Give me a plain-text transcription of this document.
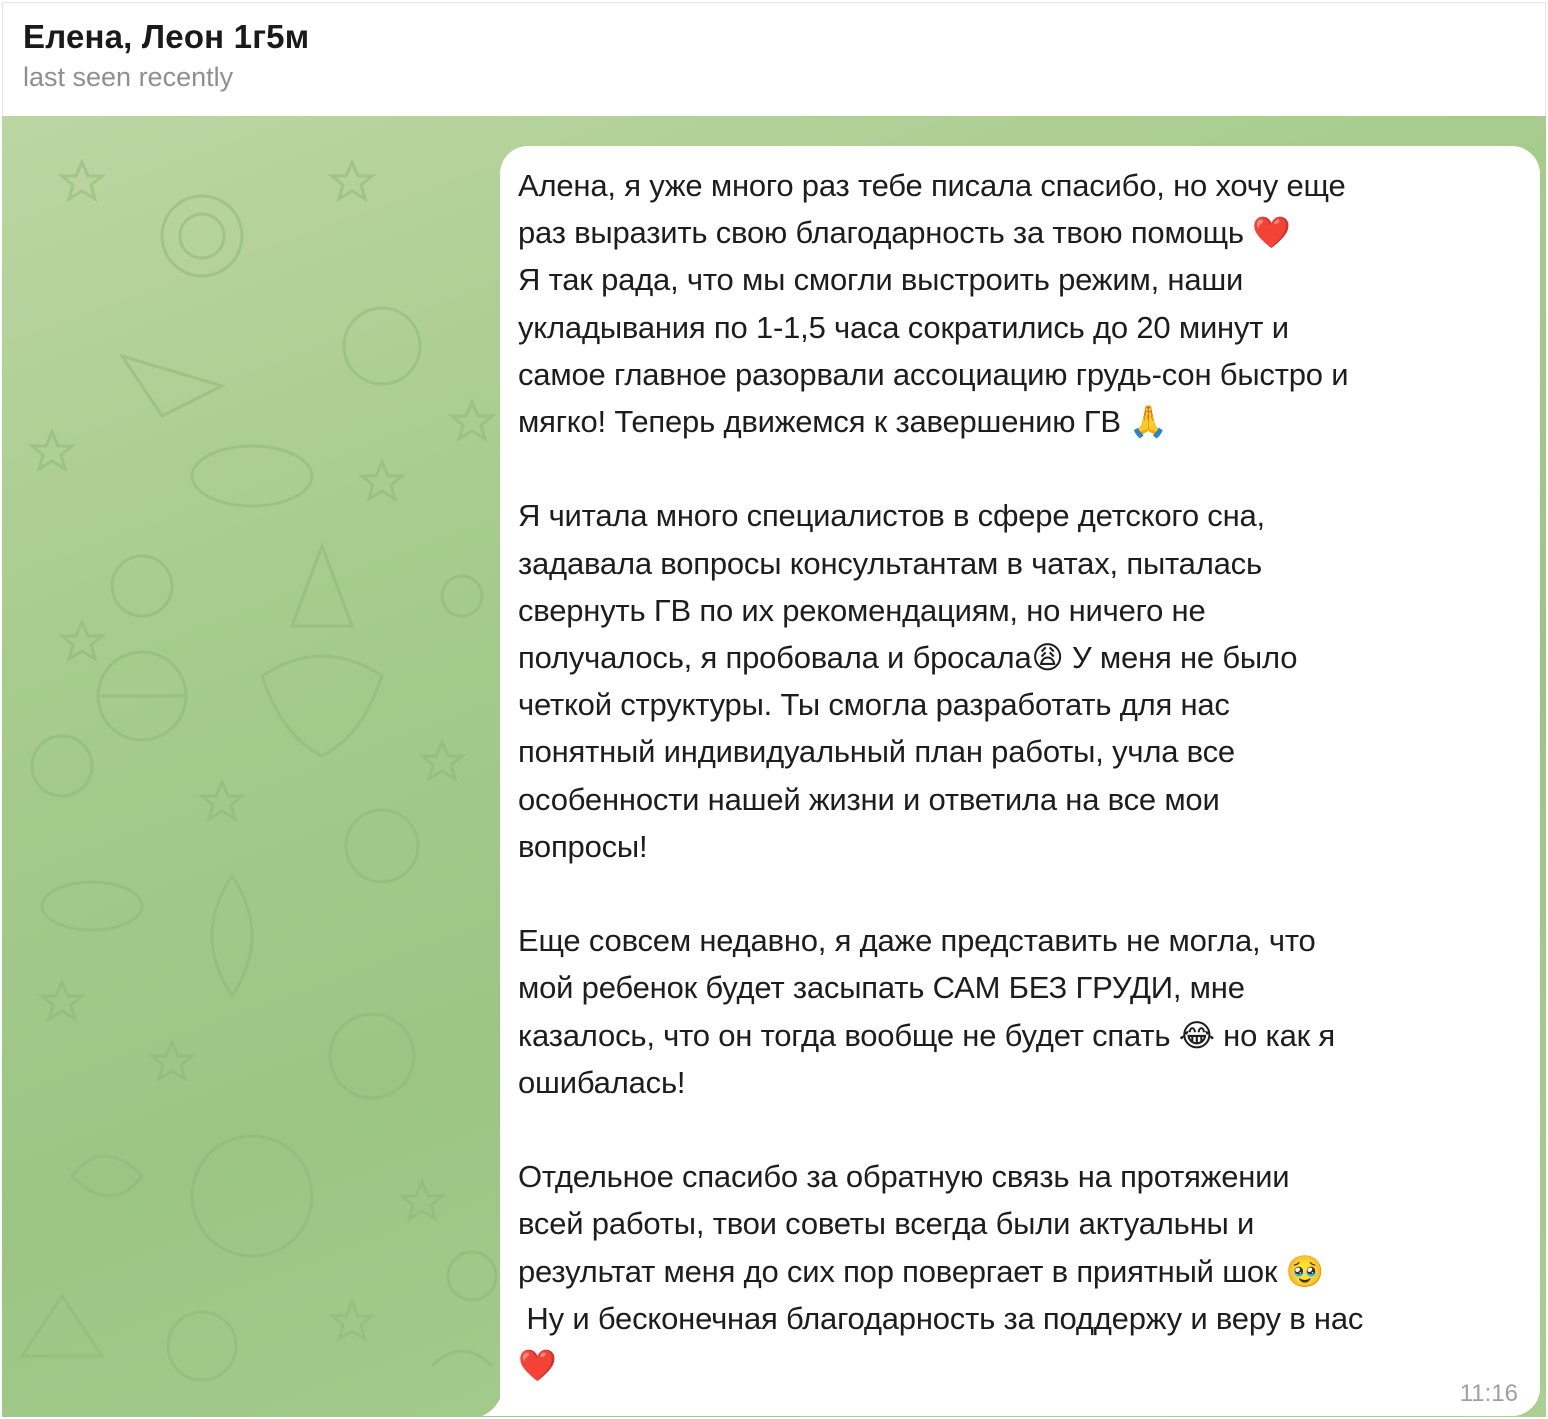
Елена, Леон 1г5м
last seen recently
Алена, я уже много раз тебе писала спасибо, но хочу еще
раз выразить свою благодарность за твою помощь ❤️
Я так рада, что мы смогли выстроить режим, наши
укладывания по 1-1,5 часа сократились до 20 минут и
самое главное разорвали ассоциацию грудь-сон быстро и
мягко! Теперь движемся к завершению ГВ 🙏

Я читала много специалистов в сфере детского сна,
задавала вопросы консультантам в чатах, пыталась
свернуть ГВ по их рекомендациям, но ничего не
получалось, я пробовала и бросала😩 У меня не было
четкой структуры. Ты смогла разработать для нас
понятный индивидуальный план работы, учла все
особенности нашей жизни и ответила на все мои
вопросы!

Еще совсем недавно, я даже представить не могла, что
мой ребенок будет засыпать САМ БЕЗ ГРУДИ, мне
казалось, что он тогда вообще не будет спать 😂 но как я
ошибалась!

Отдельное спасибо за обратную связь на протяжении
всей работы, твои советы всегда были актуальны и
результат меня до сих пор повергает в приятный шок 🥹
Ну и бесконечная благодарность за поддержу и веру в нас
❤️
11:16
